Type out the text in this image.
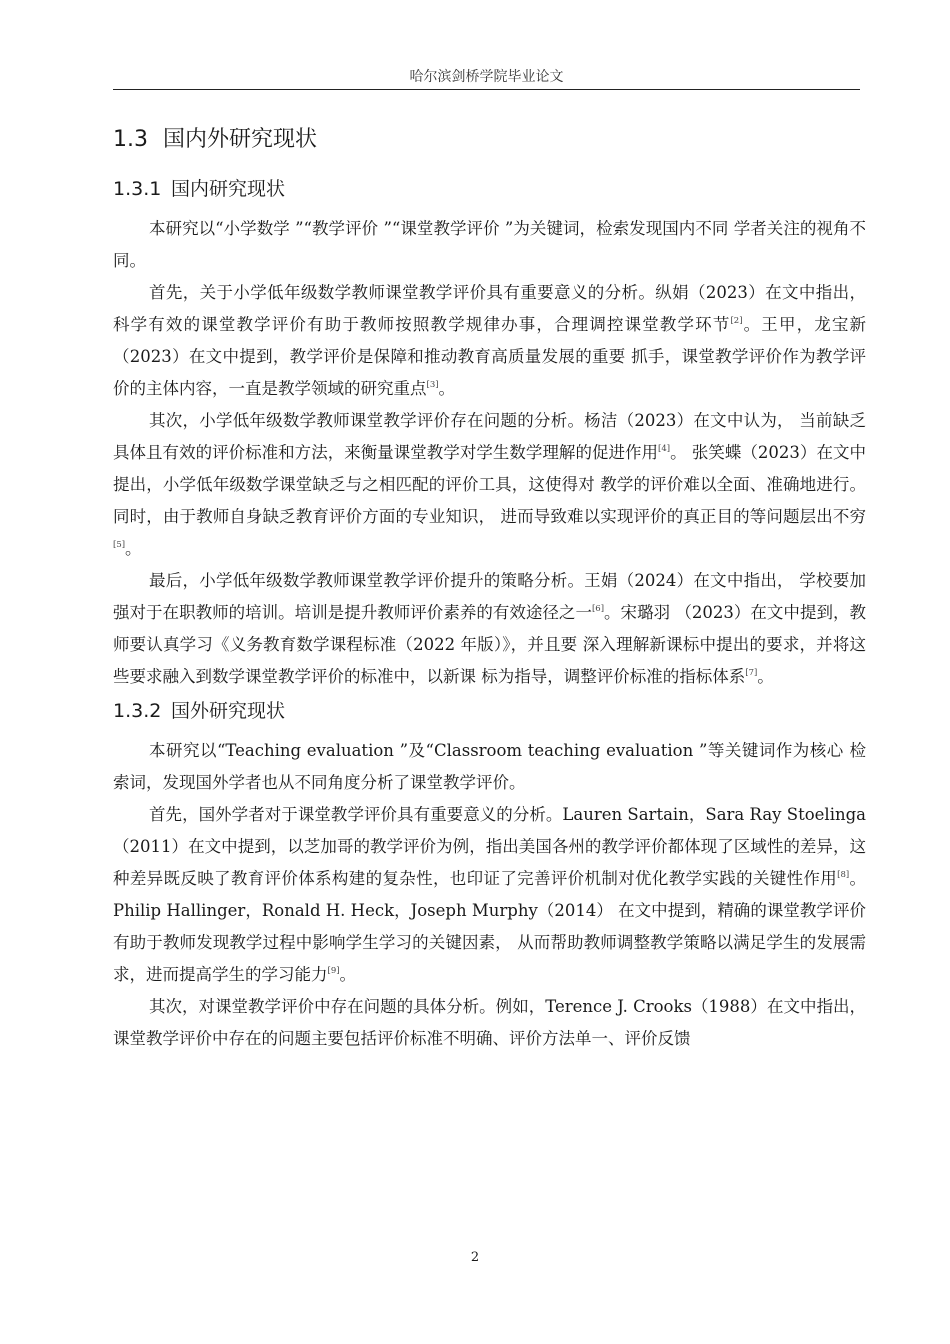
哈尔滨剑桥学院毕业论文
1.3 国内外研究现状
1.3.1 国内研究现状

本研究以“小学数学 ”“教学评价 ”“课堂教学评价 ”为关键词，检索发现国内不同 学者关注的视角不同。

首先，关于小学低年级数学教师课堂教学评价具有重要意义的分析。纵娟（2023）在文中指出，科学有效的课堂教学评价有助于教师按照教学规律办事，合理调控课堂教学环节[2]。王甲，龙宝新（2023）在文中提到，教学评价是保障和推动教育高质量发展的重要 抓手，课堂教学评价作为教学评价的主体内容，一直是教学领域的研究重点[3]。

其次，小学低年级数学教师课堂教学评价存在问题的分析。杨洁（2023）在文中认为， 当前缺乏具体且有效的评价标准和方法，来衡量课堂教学对学生数学理解的促进作用[4]。 张笑蝶（2023）在文中提出，小学低年级数学课堂缺乏与之相匹配的评价工具，这使得对 教学的评价难以全面、准确地进行。同时，由于教师自身缺乏教育评价方面的专业知识， 进而导致难以实现评价的真正目的等问题层出不穷[5]。

最后，小学低年级数学教师课堂教学评价提升的策略分析。王娟（2024）在文中指出， 学校要加强对于在职教师的培训。培训是提升教师评价素养的有效途径之一[6]。宋璐羽 （2023）在文中提到，教师要认真学习《义务教育数学课程标准（2022 年版）》，并且要 深入理解新课标中提出的要求，并将这些要求融入到数学课堂教学评价的标准中，以新课 标为指导，调整评价标准的指标体系[7]。

1.3.2 国外研究现状

本研究以“Teaching evaluation ”及“Classroom teaching evaluation ”等关键词作为核心 检索词，发现国外学者也从不同角度分析了课堂教学评价。

首先，国外学者对于课堂教学评价具有重要意义的分析。Lauren Sartain，Sara Ray Stoelinga（2011）在文中提到，以芝加哥的教学评价为例，指出美国各州的教学评价都体现了区域性的差异，这种差异既反映了教育评价体系构建的复杂性，也印证了完善评价机制对优化教学实践的关键性作用[8]。Philip Hallinger，Ronald H. Heck，Joseph Murphy（2014） 在文中提到，精确的课堂教学评价有助于教师发现教学过程中影响学生学习的关键因素， 从而帮助教师调整教学策略以满足学生的发展需求，进而提高学生的学习能力[9]。

其次，对课堂教学评价中存在问题的具体分析。例如，Terence J. Crooks（1988）在文中指出，课堂教学评价中存在的问题主要包括评价标准不明确、评价方法单一、评价反馈

2
